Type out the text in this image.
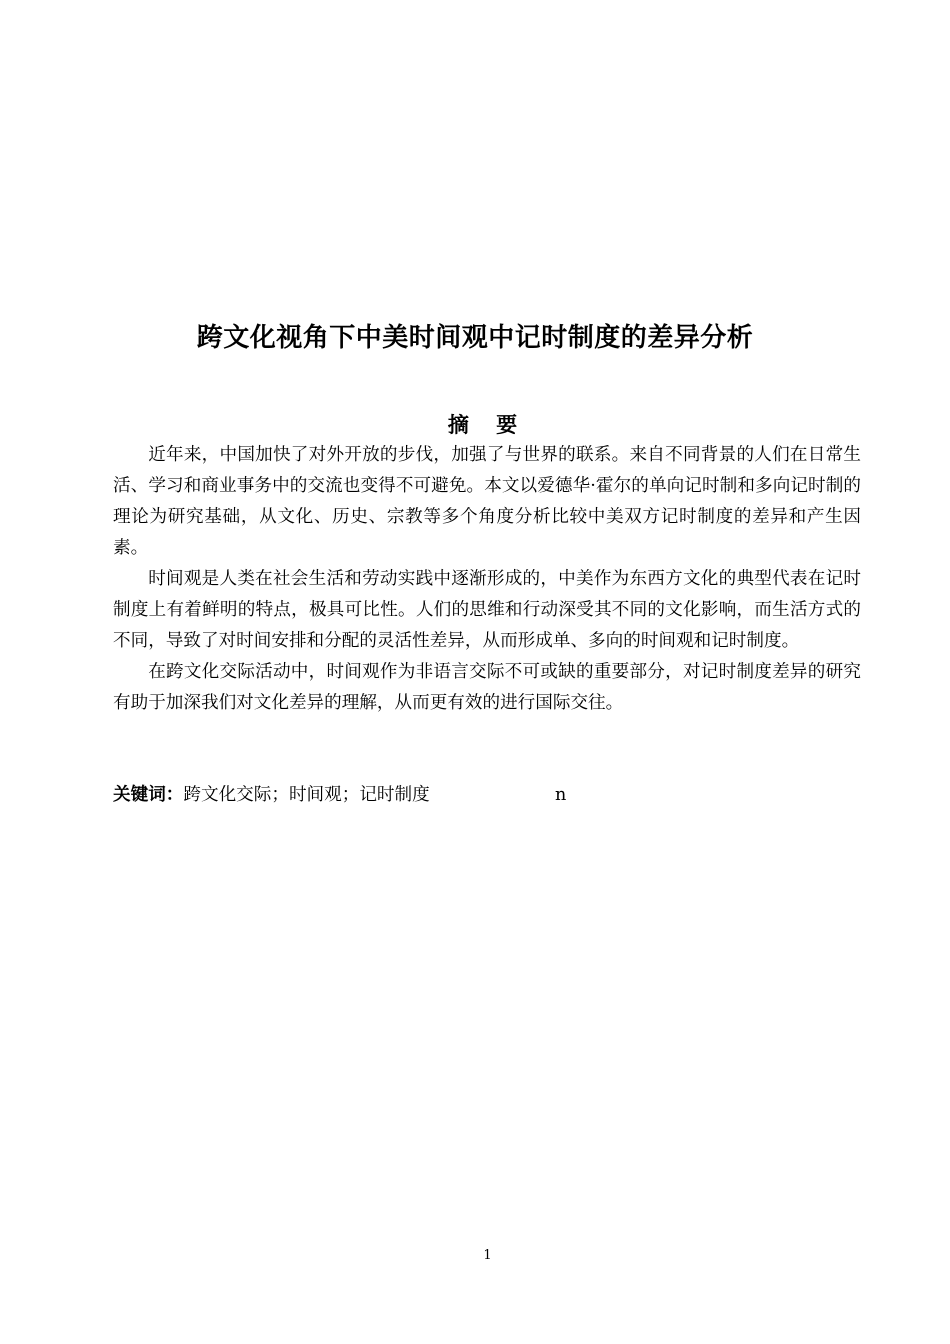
跨文化视角下中美时间观中记时制度的差异分析
摘 要

近年来，中国加快了对外开放的步伐，加强了与世界的联系。来自不同背景的人们在日常生活、学习和商业事务中的交流也变得不可避免。本文以爱德华·霍尔的单向记时制和多向记时制的理论为研究基础，从文化、历史、宗教等多个角度分析比较中美双方记时制度的差异和产生因素。

时间观是人类在社会生活和劳动实践中逐渐形成的，中美作为东西方文化的典型代表在记时制度上有着鲜明的特点，极具可比性。人们的思维和行动深受其不同的文化影响，而生活方式的不同，导致了对时间安排和分配的灵活性差异，从而形成单、多向的时间观和记时制度。

在跨文化交际活动中，时间观作为非语言交际不可或缺的重要部分，对记时制度差异的研究有助于加深我们对文化差异的理解，从而更有效的进行国际交往。

关键词：跨文化交际；时间观；记时制度	n
1
